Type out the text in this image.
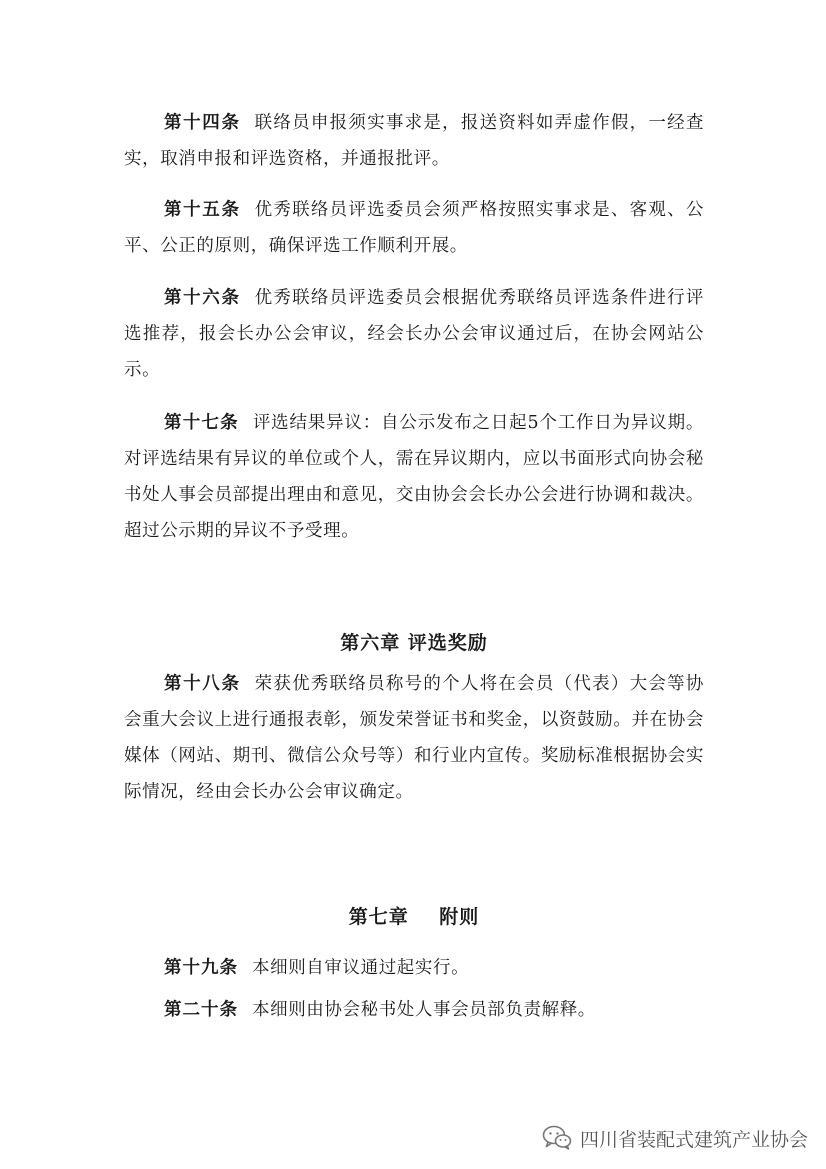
第十四条 联络员申报须实事求是，报送资料如弄虚作假，一经查实，取消申报和评选资格，并通报批评。

第十五条 优秀联络员评选委员会须严格按照实事求是、客观、公平、公正的原则，确保评选工作顺利开展。

第十六条 优秀联络员评选委员会根据优秀联络员评选条件进行评选推荐，报会长办公会审议，经会长办公会审议通过后，在协会网站公示。

第十七条 评选结果异议：自公示发布之日起5个工作日为异议期。对评选结果有异议的单位或个人，需在异议期内，应以书面形式向协会秘书处人事会员部提出理由和意见，交由协会会长办公会进行协调和裁决。超过公示期的异议不予受理。

第六章 评选奖励

第十八条 荣获优秀联络员称号的个人将在会员（代表）大会等协会重大会议上进行通报表彰，颁发荣誉证书和奖金，以资鼓励。并在协会媒体（网站、期刊、微信公众号等）和行业内宣传。奖励标准根据协会实际情况，经由会长办公会审议确定。

第七章    附则

第十九条 本细则自审议通过起实行。

第二十条 本细则由协会秘书处人事会员部负责解释。

四川省装配式建筑产业协会
